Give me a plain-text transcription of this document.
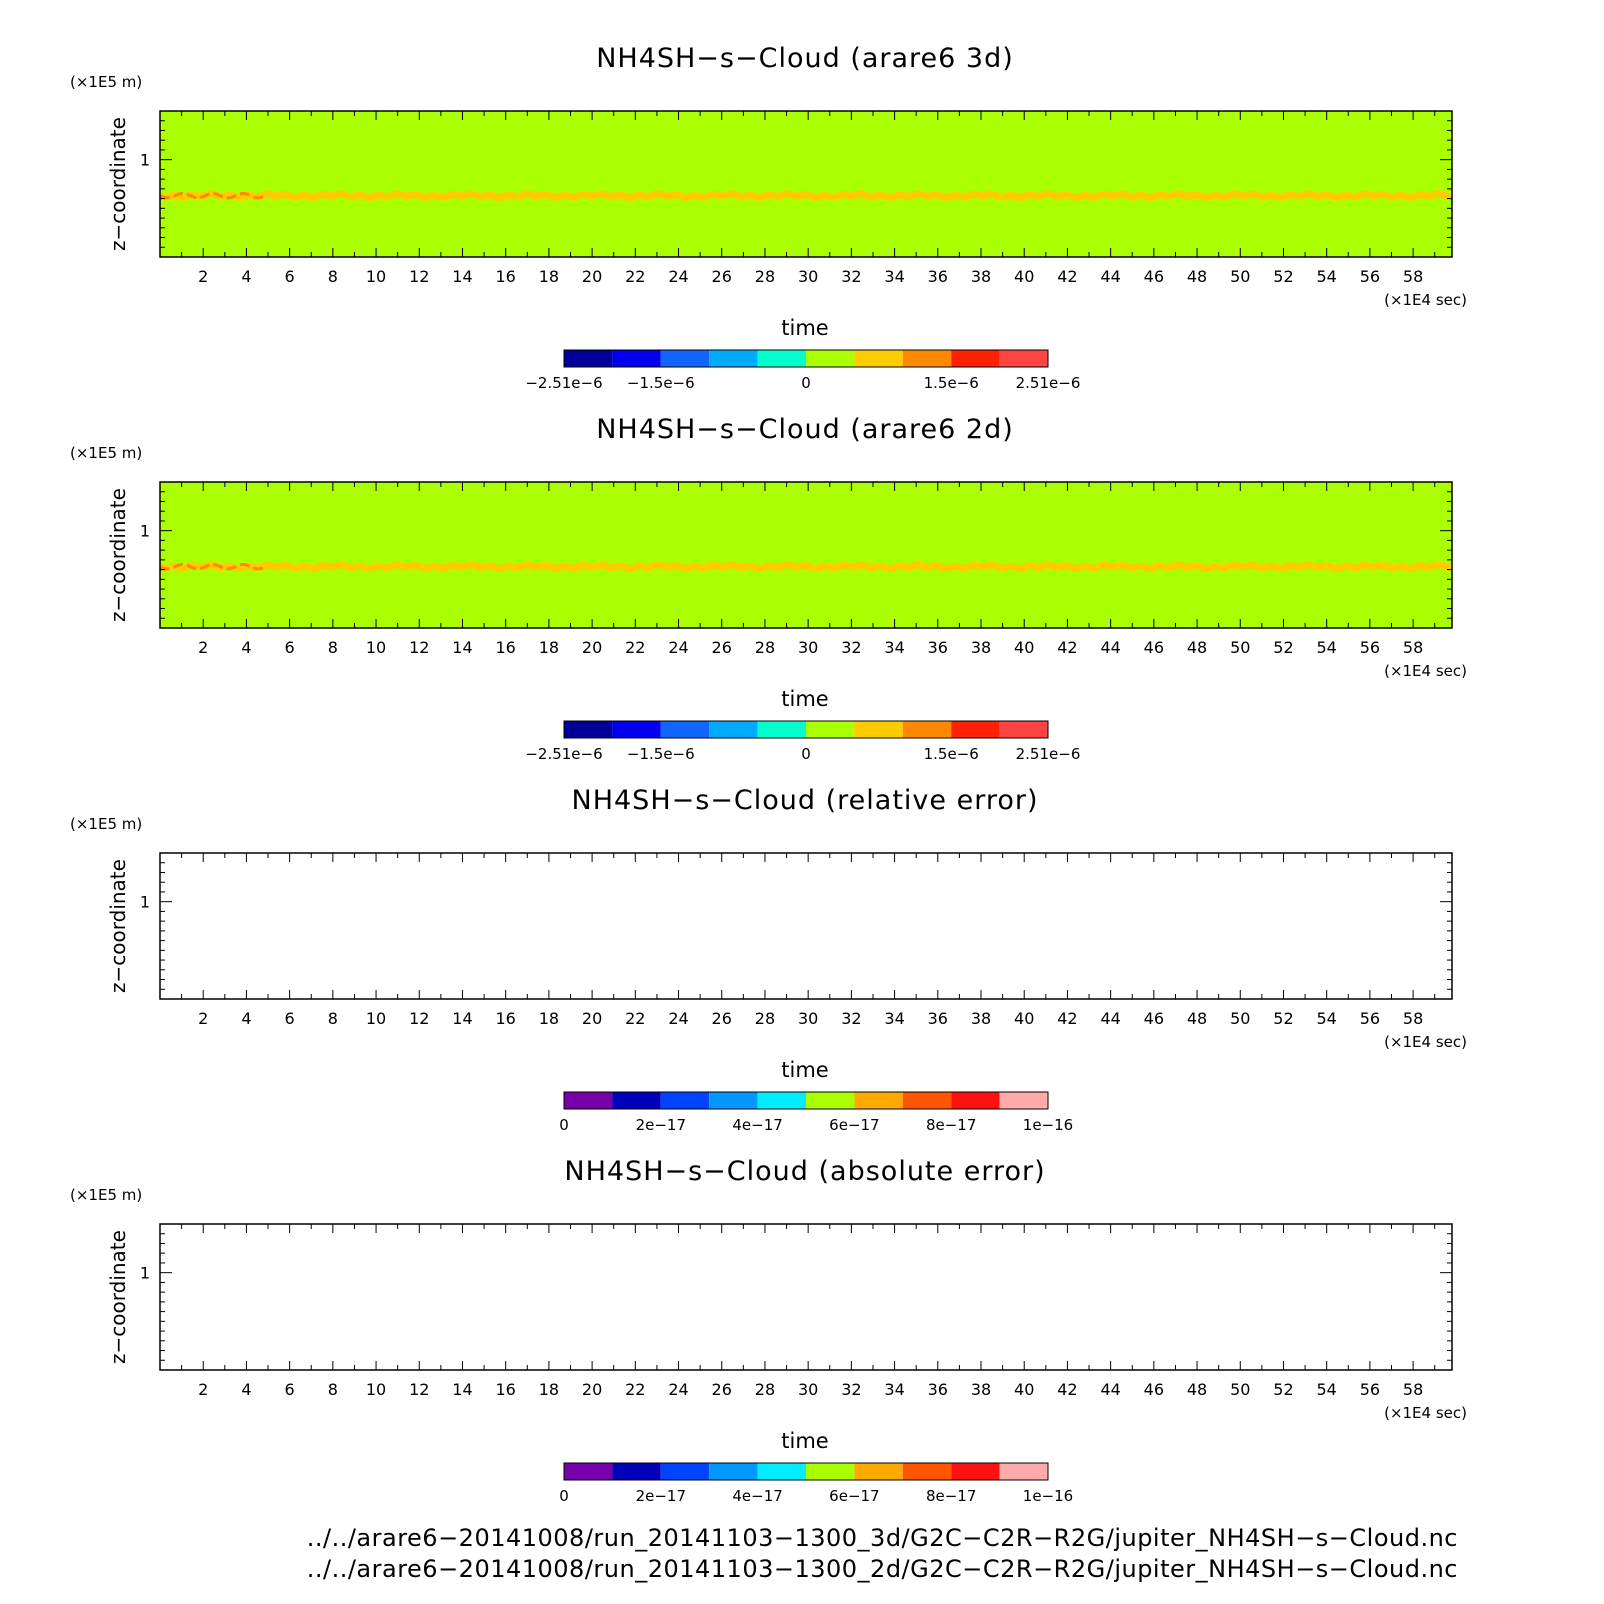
NH4SH−s−Cloud (arare6 3d)
(×1E5 m)
z−coordinate
2 4 6 8 10 12 14 16 18 20 22 24 26 28 30 32 34 36 38 40 42 44 46 48 50 52 54 56 58
1
(×1E4 sec)
time
−2.51e−6 −1.5e−6	0	1.5e−6 2.51e−6
NH4SH−s−Cloud (arare6 2d)
(×1E5 m)
z−coordinate
2 4 6 8 10 12 14 16 18 20 22 24 26 28 30 32 34 36 38 40 42 44 46 48 50 52 54 56 58
1
(×1E4 sec)
time
−2.51e−6 −1.5e−6	0	1.5e−6 2.51e−6
NH4SH−s−Cloud (relative error)
(×1E5 m)
z−coordinate
2 4 6 8 10 12 14 16 18 20 22 24 26 28 30 32 34 36 38 40 42 44 46 48 50 52 54 56 58
1
(×1E4 sec)
time
0	2e−17	4e−17	6e−17	8e−17	1e−16
NH4SH−s−Cloud (absolute error)
(×1E5 m)
z−coordinate
2 4 6 8 10 12 14 16 18 20 22 24 26 28 30 32 34 36 38 40 42 44 46 48 50 52 54 56 58
1
(×1E4 sec)
time
0	2e−17	4e−17	6e−17	8e−17	1e−16
../../arare6−20141008/run_20141103−1300_3d/G2C−C2R−R2G/jupiter_NH4SH−s−Cloud.nc
../../arare6−20141008/run_20141103−1300_2d/G2C−C2R−R2G/jupiter_NH4SH−s−Cloud.nc
